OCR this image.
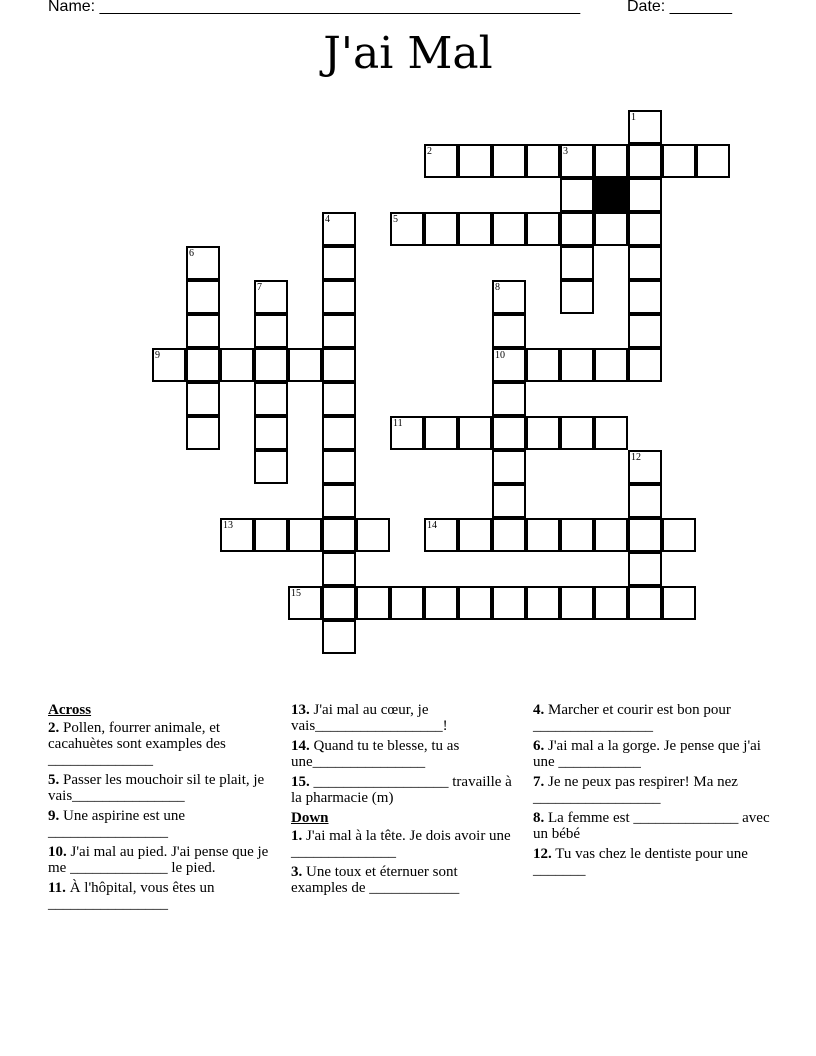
Name: ______________________________________________________	Date: _______
J'ai Mal
1
2	3
4	5
6
7	8
10
9
11
12
13	14
15
Across
2. Pollen, fourrer animale, et cacahuètes sont examples des ______________
5. Passer les mouchoir sil te plait, je vais_______________
9. Une aspirine est une ________________
10. J'ai mal au pied. J'ai pense que je me _____________ le pied.
11. À l'hôpital, vous êtes un ________________
13. J'ai mal au cœur, je vais_________________!
14. Quand tu te blesse, tu as une_______________
15. __________________ travaille à la pharmacie (m)
Down
1. J'ai mal à la tête. Je dois avoir une ______________
3. Une toux et éternuer sont examples de ____________
4. Marcher et courir est bon pour ________________
6. J'ai mal a la gorge. Je pense que j'ai une ___________
7. Je ne peux pas respirer! Ma nez _________________
8. La femme est ______________ avec un bébé
12. Tu vas chez le dentiste pour une _______
